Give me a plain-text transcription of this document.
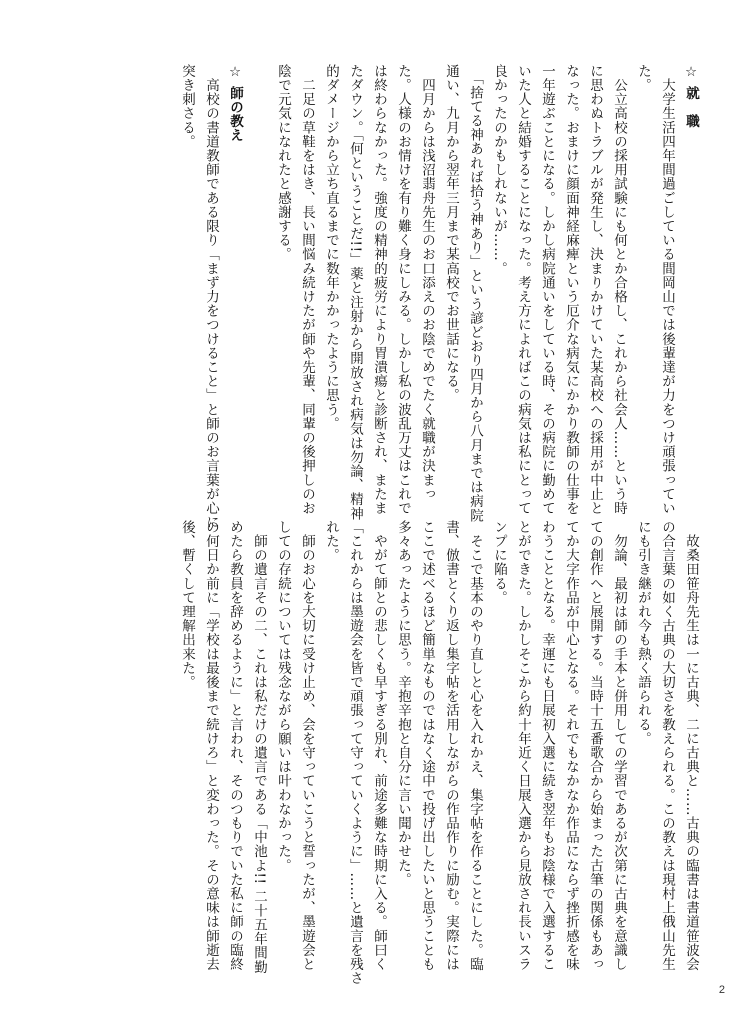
☆ 就　職
　大学生活四年間過ごしている間岡山では後輩達が力をつけ頑張ってい
た。
　公立高校の採用試験にも何とか合格し、これから社会人……という時
に思わぬトラブルが発生し、決まりかけていた某高校への採用が中止と
なった。おまけに顔面神経麻痺という厄介な病気にかかり教師の仕事を
一年遊ぶことになる。しかし病院通いをしている時、その病院に勤めて
いた人と結婚することになった。考え方によればこの病気は私にとって
良かったのかもしれないが……。
　「捨てる神あれば拾う神あり」という諺どおり四月から八月までは病院
通い、九月から翌年三月まで某高校でお世話になる。
　四月からは浅沼翡舟先生のお口添えのお陰でめでたく就職が決まっ
た。人様のお情けを有り難く身にしみる。しかし私の波乱万丈はこれで
は終わらなかった。強度の精神的疲労により胃潰瘍と診断され、またま
たダウン。「何ということだ!!」薬と注射から開放され病気は勿論、精神
的ダメージから立ち直るまでに数年かかったように思う。
　二足の草鞋をはき、長い間悩み続けたが師や先輩、同輩の後押しのお
陰で元気になれたと感謝する。
☆ 師の教え
　高校の書道教師である限り「まず力をつけること」と師のお言葉が心に
突き刺さる。
　故桑田笹舟先生は一に古典、二に古典と……古典の臨書は書道笹波会
の合言葉の如く古典の大切さを教えられる。この教えは現村上俄山先生
にも引き継がれ今も熱く語られる。
　勿論、最初は師の手本と併用しての学習であるが次第に古典を意識し
ての創作へと展開する。当時十五番歌合から始まった古筆の関係もあっ
てか大字作品が中心となる。それでもなかなか作品にならず挫折感を味
わうこととなる。幸運にも日展初入選に続き翌年もお陰様で入選するこ
とができた。しかしそこから約十年近く日展入選から見放され長いスラ
ンプに陥る。
　そこで基本のやり直しと心を入れかえ、集字帖を作ることにした。臨
書、倣書とくり返し集字帖を活用しながらの作品作りに励む。実際には
ここで述べるほど簡単なものではなく途中で投げ出したいと思うことも
多々あったように思う。辛抱辛抱と自分に言い聞かせた。
　やがて師との悲しくも早すぎる別れ、前途多難な時期に入る。師曰く
「これからは墨遊会を皆で頑張って守っていくように」……と遺言を残さ
れた。
　師のお心を大切に受け止め、会を守っていこうと誓ったが、墨遊会と
しての存続については残念ながら願いは叶わなかった。
　師の遺言その二、これは私だけの遺言である「中池よ!! 二十五年間勤
めたら教員を辞めるように」と言われ、そのつもりでいた私に師の臨終
の何日か前に「学校は最後まで続けろ」と変わった。その意味は師逝去
後、暫くして理解出来た。
2
